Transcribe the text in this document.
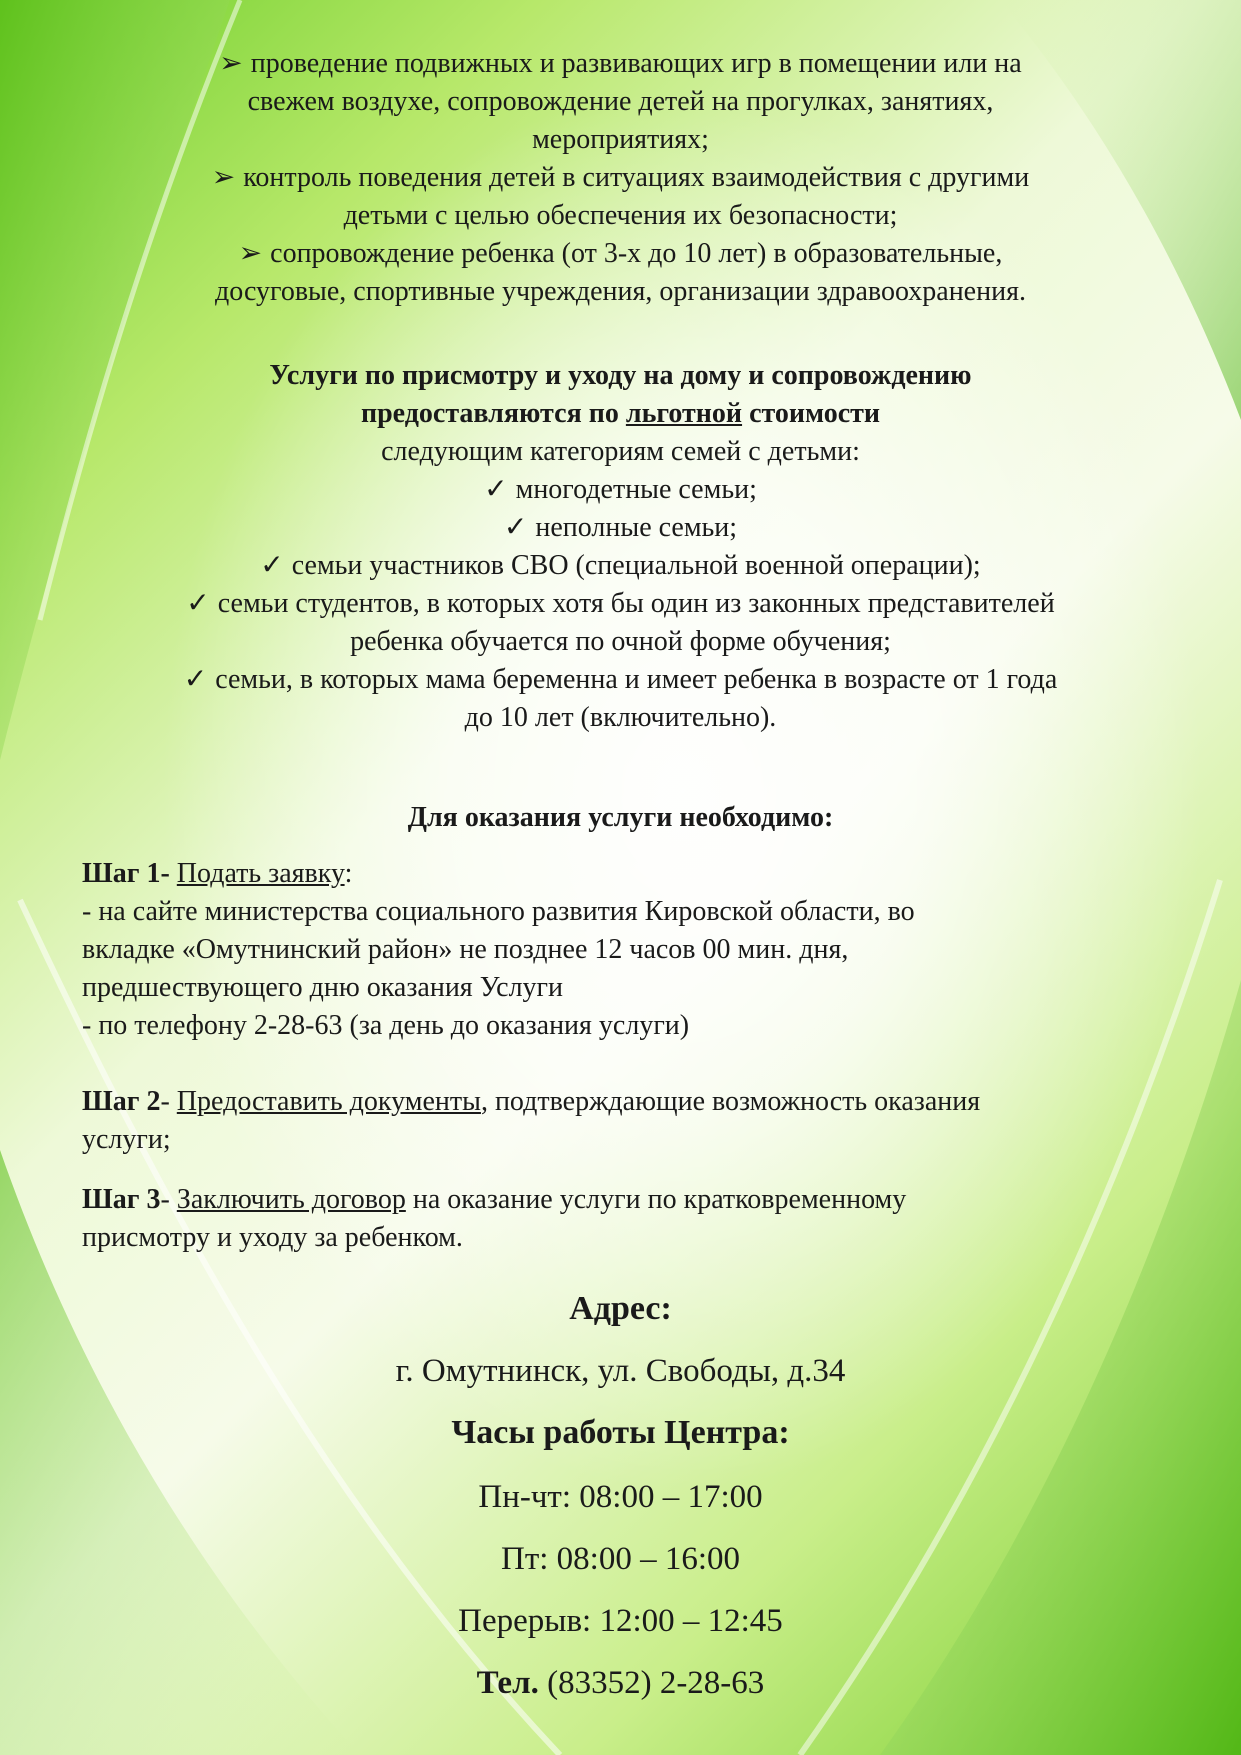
➢ проведение подвижных и развивающих игр в помещении или на
свежем воздухе, сопровождение детей на прогулках, занятиях,
мероприятиях;
➢ контроль поведения детей в ситуациях взаимодействия с другими
детьми с целью обеспечения их безопасности;
➢ сопровождение ребенка (от 3-х до 10 лет) в образовательные,
досуговые, спортивные учреждения, организации здравоохранения.
Услуги по присмотру и уходу на дому и сопровождению
предоставляются по льготной стоимости
следующим категориям семей с детьми:
✓ многодетные семьи;
✓ неполные семьи;
✓ семьи участников СВО (специальной военной операции);
✓ семьи студентов, в которых хотя бы один из законных представителей
ребенка обучается по очной форме обучения;
✓ семьи, в которых мама беременна и имеет ребенка в возрасте от 1 года
до 10 лет (включительно).
Для оказания услуги необходимо:
Шаг 1- Подать заявку:
- на сайте министерства социального развития Кировской области, во
вкладке «Омутнинский район» не позднее 12 часов 00 мин. дня,
предшествующего дню оказания Услуги
- по телефону 2-28-63 (за день до оказания услуги)
Шаг 2- Предоставить документы, подтверждающие возможность оказания
услуги;
Шаг 3- Заключить договор на оказание услуги по кратковременному
присмотру и уходу за ребенком.
Адрес:
г. Омутнинск, ул. Свободы, д.34
Часы работы Центра:
Пн-чт: 08:00 – 17:00
Пт: 08:00 – 16:00
Перерыв: 12:00 – 12:45
Тел. (83352) 2-28-63
